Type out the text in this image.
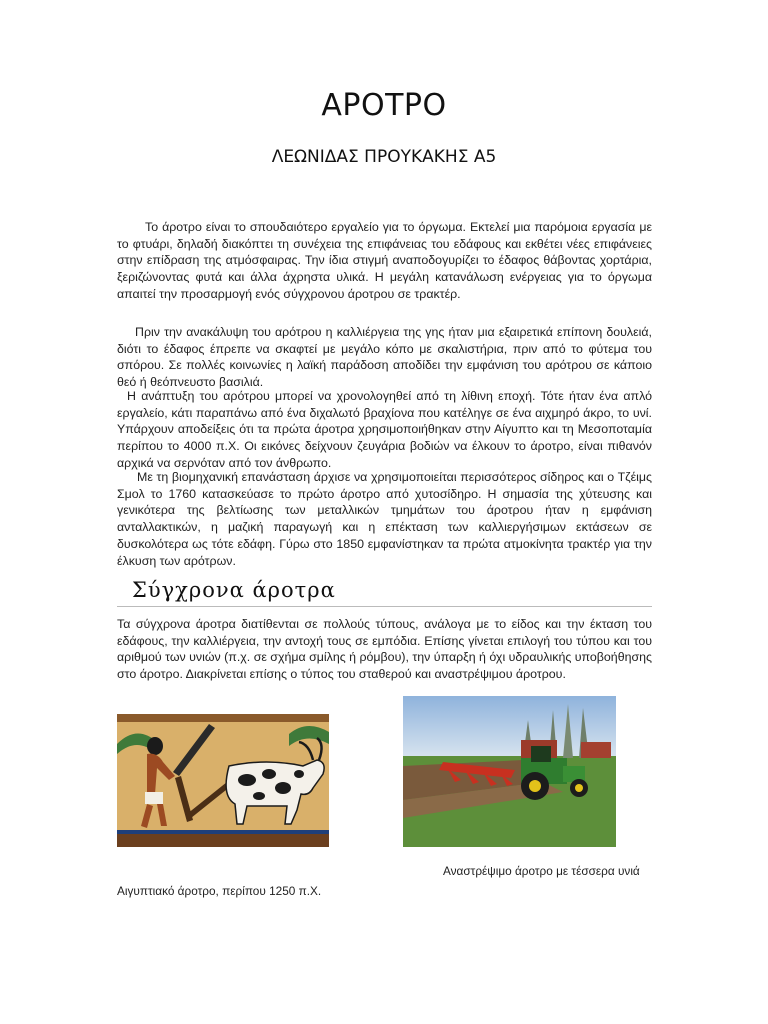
ΑΡΟΤΡΟ
ΛΕΩΝΙΔΑΣ ΠΡΟΥΚΑΚΗΣ Α5

Το άροτρο είναι το σπουδαιότερο εργαλείο για το όργωμα. Εκτελεί μια παρόμοια εργασία με το φτυάρι, δηλαδή διακόπτει τη συνέχεια της επιφάνειας του εδάφους και εκθέτει νέες επιφάνειες στην επίδραση της ατμόσφαιρας. Την ίδια στιγμή αναποδογυρίζει το έδαφος θάβοντας χορτάρια, ξεριζώνοντας φυτά και άλλα άχρηστα υλικά. Η μεγάλη κατανάλωση ενέργειας για το όργωμα απαιτεί την προσαρμογή ενός σύγχρονου άροτρου σε τρακτέρ.

Πριν την ανακάλυψη του αρότρου η καλλιέργεια της γης ήταν μια εξαιρετικά επίπονη δουλειά, διότι το έδαφος έπρεπε να σκαφτεί με μεγάλο κόπο με σκαλιστήρια, πριν από το φύτεμα του σπόρου. Σε πολλές κοινωνίες η λαϊκή παράδοση αποδίδει την εμφάνιση του αρότρου σε κάποιο θεό ή θεόπνευστο βασιλιά.

Η ανάπτυξη του αρότρου μπορεί να χρονολογηθεί από τη λίθινη εποχή. Τότε ήταν ένα απλό εργαλείο, κάτι παραπάνω από ένα διχαλωτό βραχίονα που κατέληγε σε ένα αιχμηρό άκρο, το υνί. Υπάρχουν αποδείξεις ότι τα πρώτα άροτρα χρησιμοποιήθηκαν στην Αίγυπτο και τη Μεσοποταμία περίπου το 4000 π.Χ. Οι εικόνες δείχνουν ζευγάρια βοδιών να έλκουν το άροτρο, είναι πιθανόν αρχικά να σερνόταν από τον άνθρωπο.

Με τη βιομηχανική επανάσταση άρχισε να χρησιμοποιείται περισσότερος σίδηρος και ο Τζέιμς Σμολ το 1760 κατασκεύασε το πρώτο άροτρο από χυτοσίδηρο. Η σημασία της χύτευσης και γενικότερα της βελτίωσης των μεταλλικών τμημάτων του άροτρου ήταν η εμφάνιση ανταλλακτικών, η μαζική παραγωγή και η επέκταση των καλλιεργήσιμων εκτάσεων σε δυσκολότερα ως τότε εδάφη. Γύρω στο 1850 εμφανίστηκαν τα πρώτα ατμοκίνητα τρακτέρ για την έλκυση των αρότρων.

Σύγχρονα άροτρα

Τα σύγχρονα άροτρα διατίθενται σε πολλούς τύπους, ανάλογα με το είδος και την έκταση του εδάφους, την καλλιέργεια, την αντοχή τους σε εμπόδια. Επίσης γίνεται επιλογή του τύπου και του αριθμού των υνιών (π.χ. σε σχήμα σμίλης ή ρόμβου), την ύπαρξη ή όχι υδραυλικής υποβοήθησης στο άροτρο. Διακρίνεται επίσης ο τύπος του σταθερού και αναστρέψιμου άροτρου.

Αναστρέψιμο άροτρο με τέσσερα υνιά

Αιγυπτιακό άροτρο, περίπου 1250 π.Χ.
